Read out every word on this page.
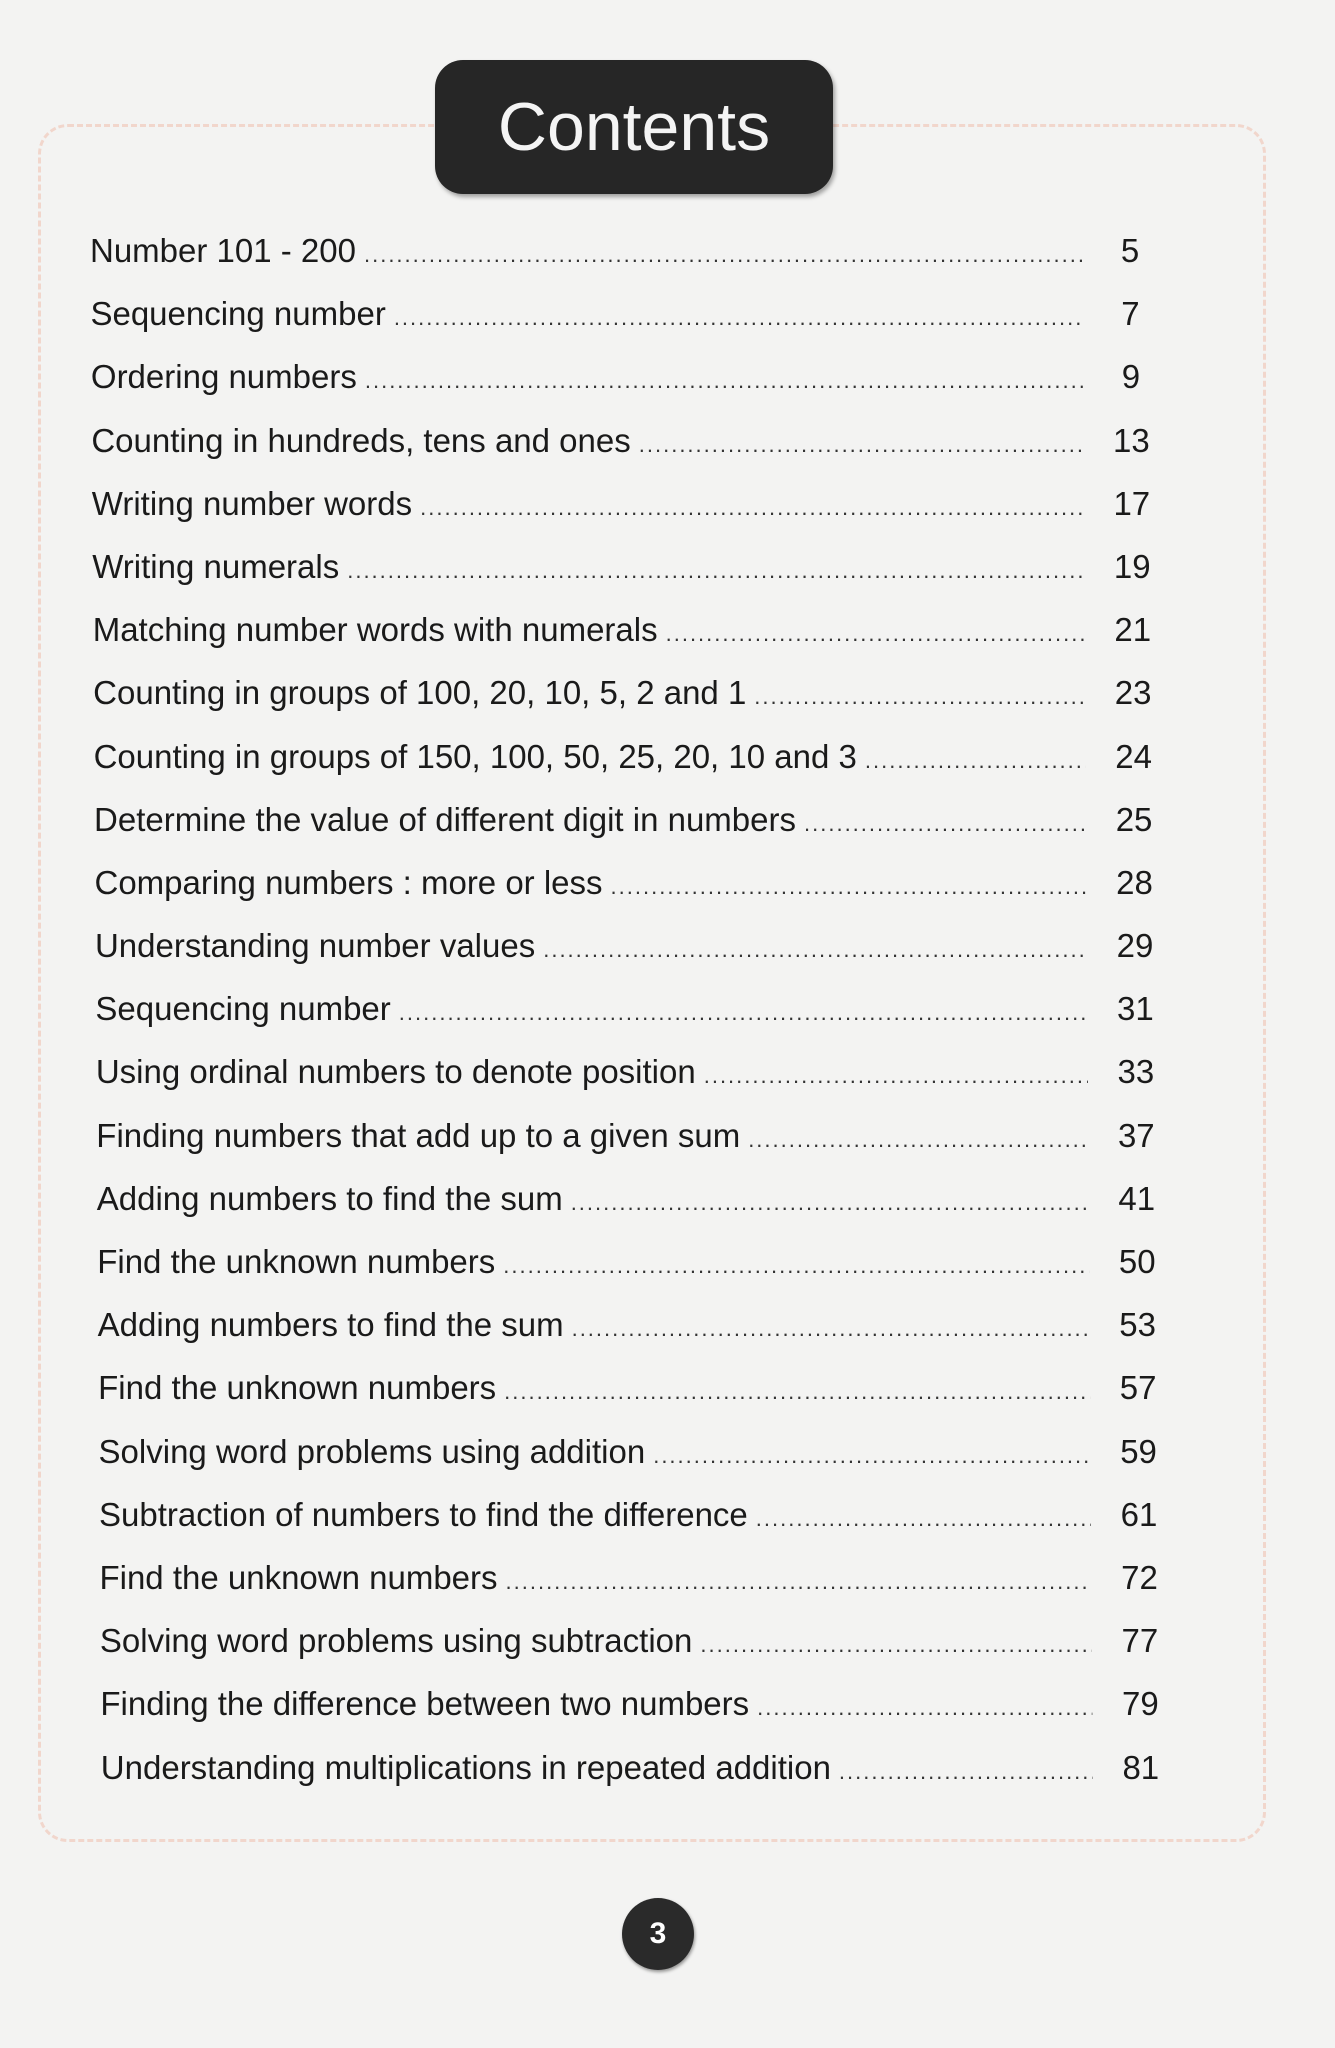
Contents
Number 101 - 200 .....	5
Sequencing number .....	7
Ordering numbers .....	9
Counting in hundreds, tens and ones .....	13
Writing number words .....	17
Writing numerals .....	19
Matching number words with numerals .....	21
Counting in groups of 100, 20, 10, 5, 2 and 1 .....	23
Counting in groups of 150, 100, 50, 25, 20, 10 and 3 .....	24
Determine the value of different digit in numbers .....	25
Comparing numbers : more or less .....	28
Understanding number values .....	29
Sequencing number .....	31
Using ordinal numbers to denote position .....	33
Finding numbers that add up to a given sum .....	37
Adding numbers to find the sum .....	41
Find the unknown numbers .....	50
Adding numbers to find the sum .....	53
Find the unknown numbers .....	57
Solving word problems using addition .....	59
Subtraction of numbers to find the difference .....	61
Find the unknown numbers .....	72
Solving word problems using subtraction .....	77
Finding the difference between two numbers .....	79
Understanding multiplications in repeated addition .....	81
3
